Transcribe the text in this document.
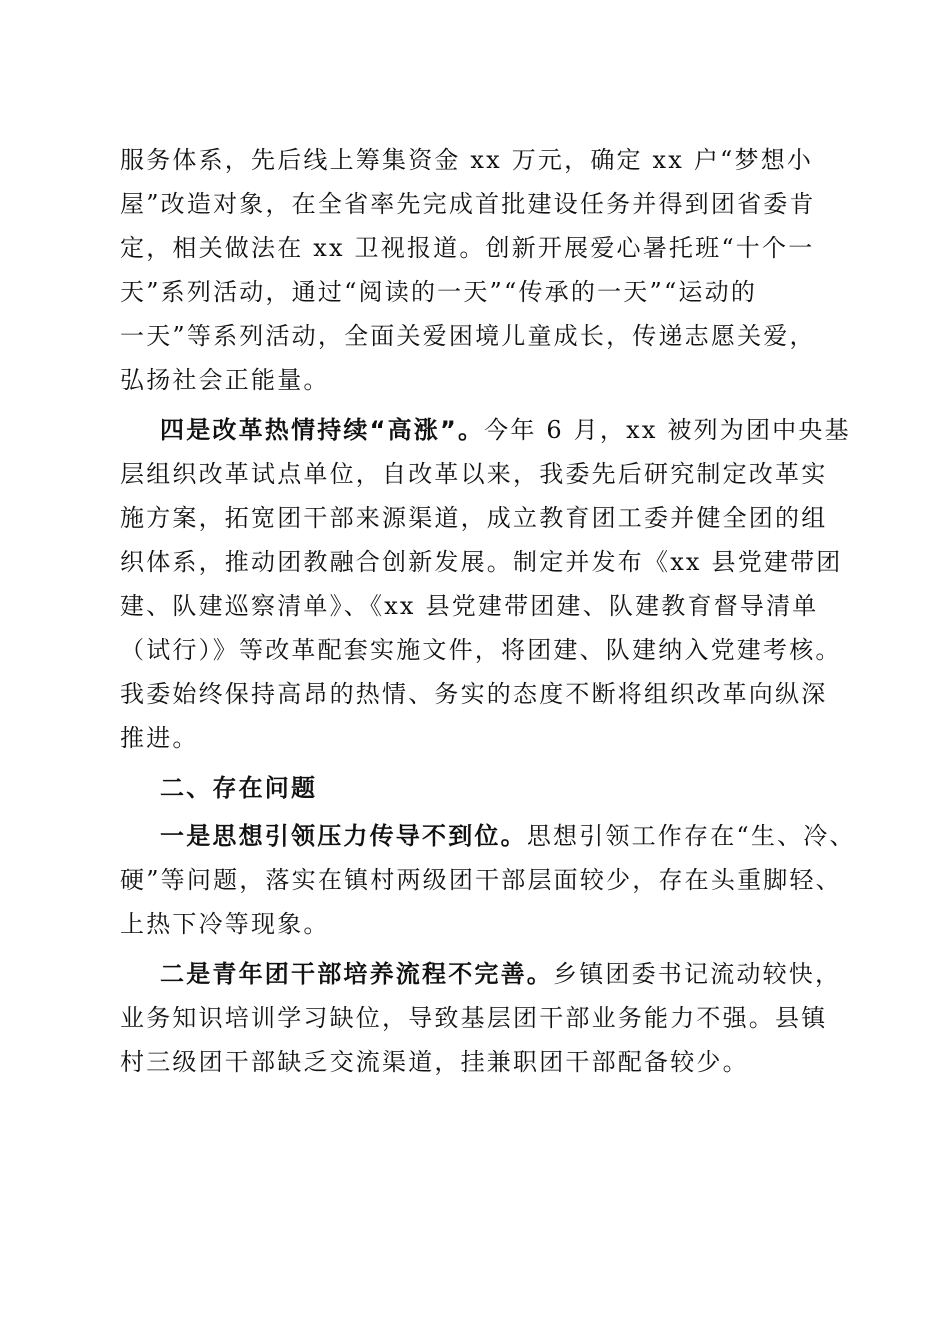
服务体系，先后线上筹集资金 xx 万元，确定 xx 户“梦想小
屋”改造对象，在全省率先完成首批建设任务并得到团省委肯
定，相关做法在 xx 卫视报道。创新开展爱心暑托班“十个一
天”系列活动，通过“阅读的一天”“传承的一天”“运动的
一天”等系列活动，全面关爱困境儿童成长，传递志愿关爱，
弘扬社会正能量。
四是改革热情持续“高涨”。今年 6 月，xx 被列为团中央基
层组织改革试点单位，自改革以来，我委先后研究制定改革实
施方案，拓宽团干部来源渠道，成立教育团工委并健全团的组
织体系，推动团教融合创新发展。制定并发布《xx 县党建带团
建、队建巡察清单》、《xx 县党建带团建、队建教育督导清单
（试行）》等改革配套实施文件，将团建、队建纳入党建考核。
我委始终保持高昂的热情、务实的态度不断将组织改革向纵深
推进。
二、存在问题
一是思想引领压力传导不到位。思想引领工作存在“生、冷、
硬”等问题，落实在镇村两级团干部层面较少，存在头重脚轻、
上热下冷等现象。
二是青年团干部培养流程不完善。乡镇团委书记流动较快，
业务知识培训学习缺位，导致基层团干部业务能力不强。县镇
村三级团干部缺乏交流渠道，挂兼职团干部配备较少。
